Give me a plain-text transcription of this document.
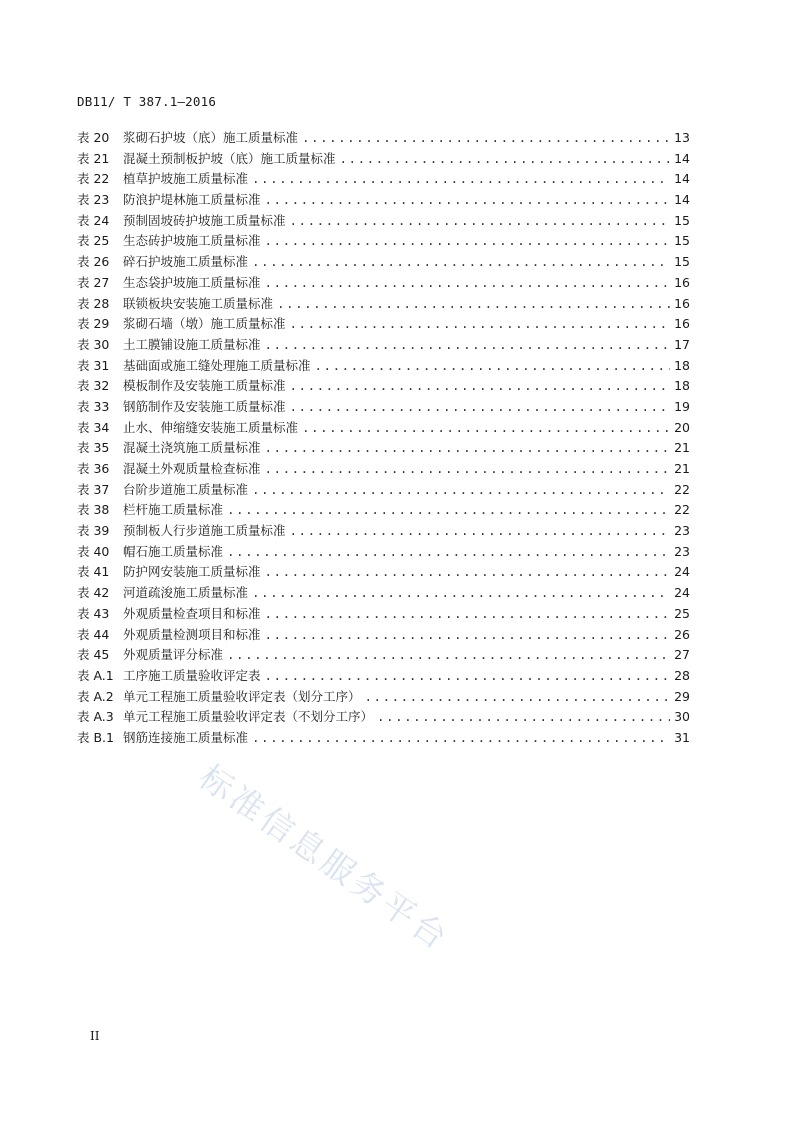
DB11/ T 387.1—2016
表 20	浆砌石护坡（底）施工质量标准 .....	13
表 21	混凝土预制板护坡（底）施工质量标准 .....	14
表 22	植草护坡施工质量标准 .....	14
表 23	防浪护堤林施工质量标准 .....	14
表 24	预制固坡砖护坡施工质量标准 .....	15
表 25	生态砖护坡施工质量标准 .....	15
表 26	碎石护坡施工质量标准 .....	15
表 27	生态袋护坡施工质量标准 .....	16
表 28	联锁板块安装施工质量标准 .....	16
表 29	浆砌石墙（墩）施工质量标准 .....	16
表 30	土工膜铺设施工质量标准 .....	17
表 31	基础面或施工缝处理施工质量标准 .....	18
表 32	模板制作及安装施工质量标准 .....	18
表 33	钢筋制作及安装施工质量标准 .....	19
表 34	止水、伸缩缝安装施工质量标准 .....	20
表 35	混凝土浇筑施工质量标准 .....	21
表 36	混凝土外观质量检查标准 .....	21
表 37	台阶步道施工质量标准 .....	22
表 38	栏杆施工质量标准 .....	22
表 39	预制板人行步道施工质量标准 .....	23
表 40	帽石施工质量标准 .....	23
表 41	防护网安装施工质量标准 .....	24
表 42	河道疏浚施工质量标准 .....	24
表 43	外观质量检查项目和标准 .....	25
表 44	外观质量检测项目和标准 .....	26
表 45	外观质量评分标准 .....	27
表 A.1 工序施工质量验收评定表 .....	28
表 A.2 单元工程施工质量验收评定表（划分工序） .....	29
表 A.3 单元工程施工质量验收评定表（不划分工序） .....	30
表 B.1 钢筋连接施工质量标准 .....	31
标准信息服务平台
II
